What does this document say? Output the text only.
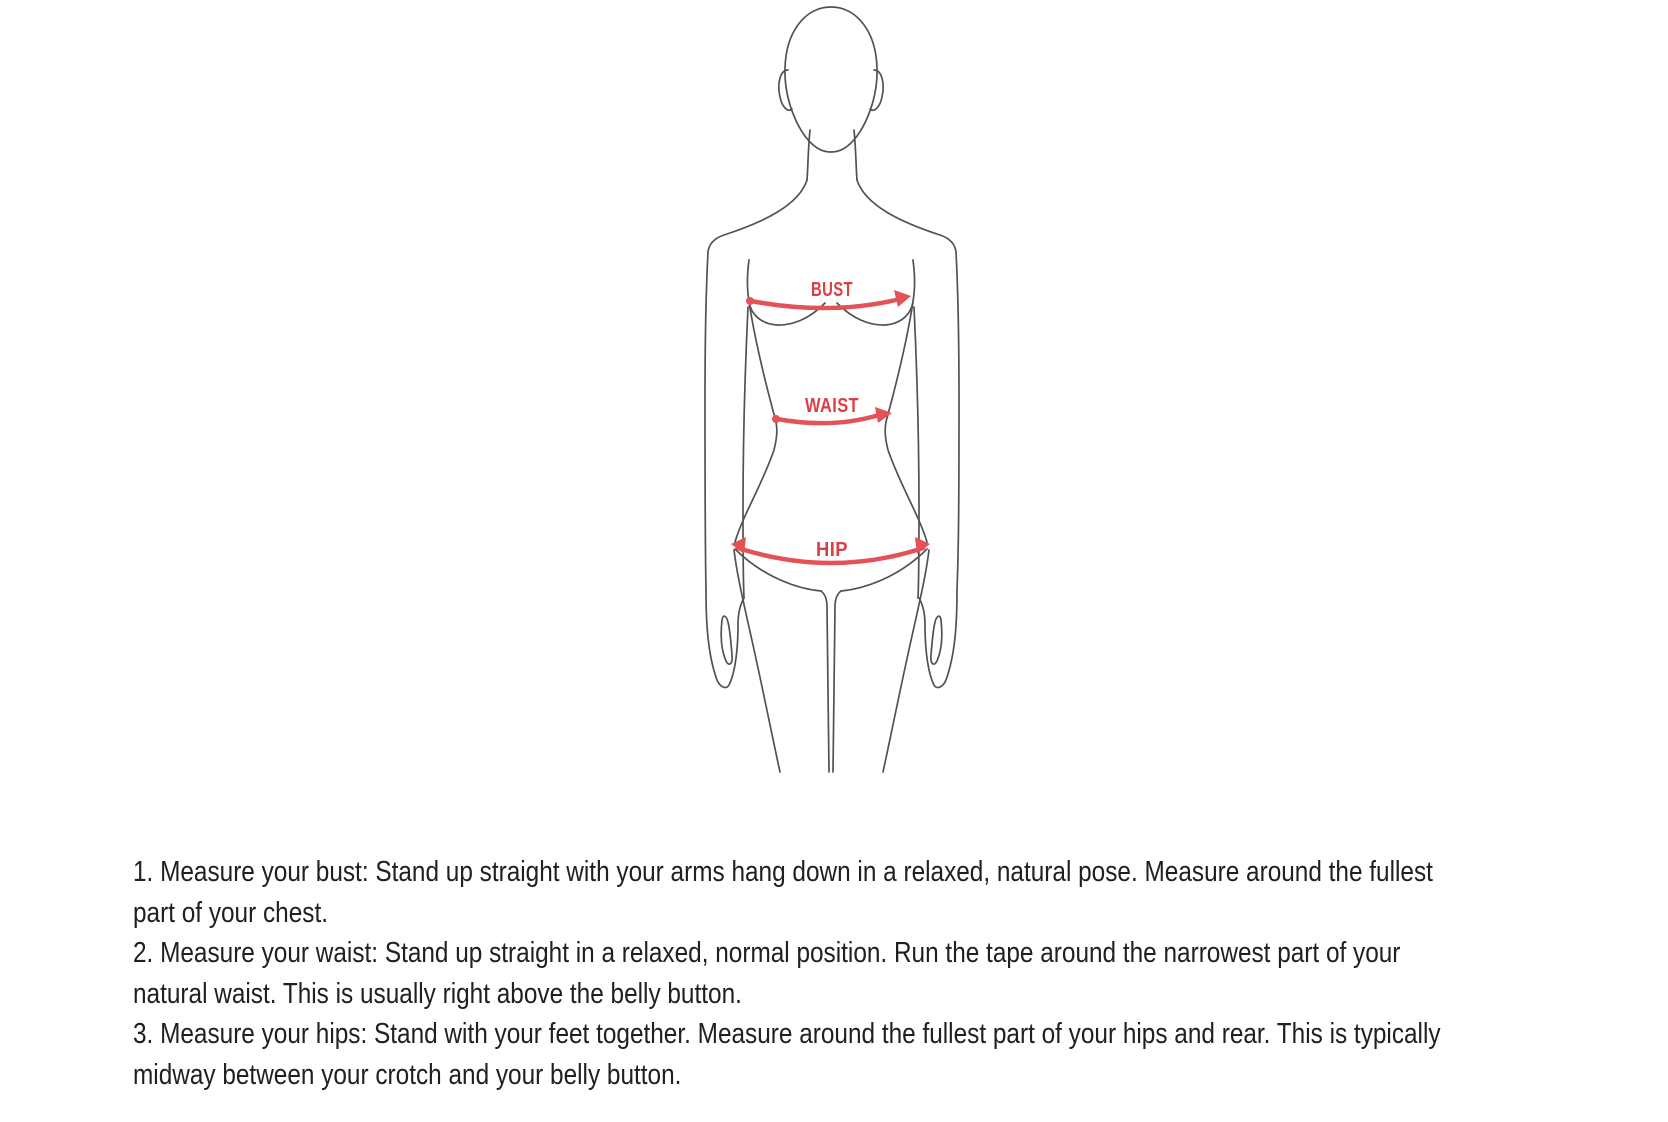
BUST
WAIST
HIP
1. Measure your bust: Stand up straight with your arms hang down in a relaxed, natural pose. Measure around the fullest
part of your chest.
2. Measure your waist: Stand up straight in a relaxed, normal position. Run the tape around the narrowest part of your
natural waist. This is usually right above the belly button.
3. Measure your hips: Stand with your feet together. Measure around the fullest part of your hips and rear. This is typically
midway between your crotch and your belly button.
